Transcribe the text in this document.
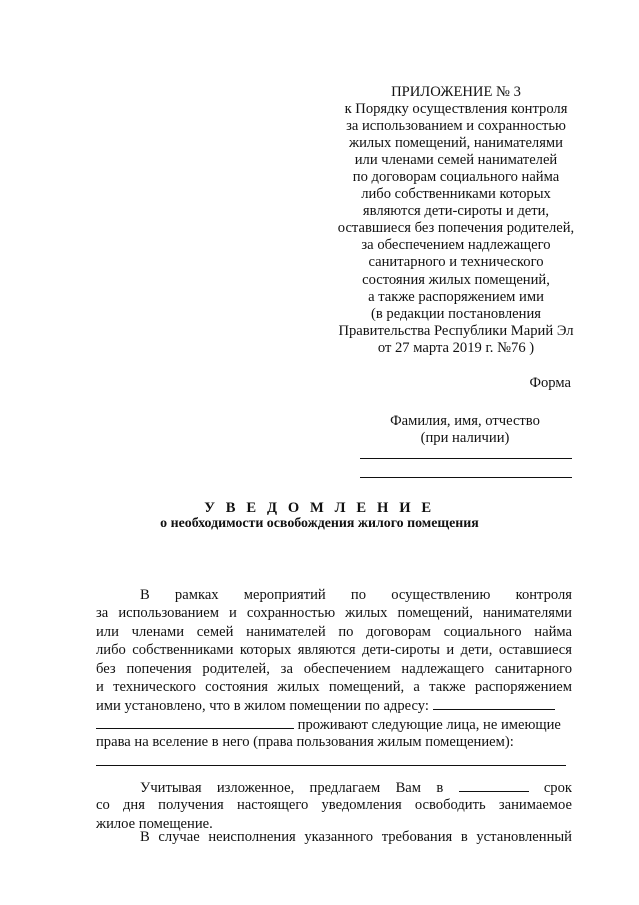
ПРИЛОЖЕНИЕ № 3
к Порядку осуществления контроля
за использованием и сохранностью
жилых помещений, нанимателями
или членами семей нанимателей
по договорам социального найма
либо собственниками которых
являются дети-сироты и дети,
оставшиеся без попечения родителей,
за обеспечением надлежащего
санитарного и технического
состояния жилых помещений,
а также распоряжением ими
(в редакции постановления
Правительства Республики Марий Эл
от 27 марта 2019 г. №76 )
Форма
Фамилия, имя, отчество
(при наличии)
У В Е Д О М Л Е Н И Е
о необходимости освобождения жилого помещения
В рамках мероприятий по осуществлению контроля
за использованием и сохранностью жилых помещений, нанимателями
или членами семей нанимателей по договорам социального найма
либо собственниками которых являются дети-сироты и дети, оставшиеся
без попечения родителей, за обеспечением надлежащего санитарного
и технического состояния жилых помещений, а также распоряжением
ими установлено, что в жилом помещении по адресу:
проживают следующие лица, не имеющие
права на вселение в него (права пользования жилым помещением):
Учитывая изложенное, предлагаем Вам в	срок
со дня получения настоящего уведомления освободить занимаемое
жилое помещение.
В случае неисполнения указанного требования в установленный
